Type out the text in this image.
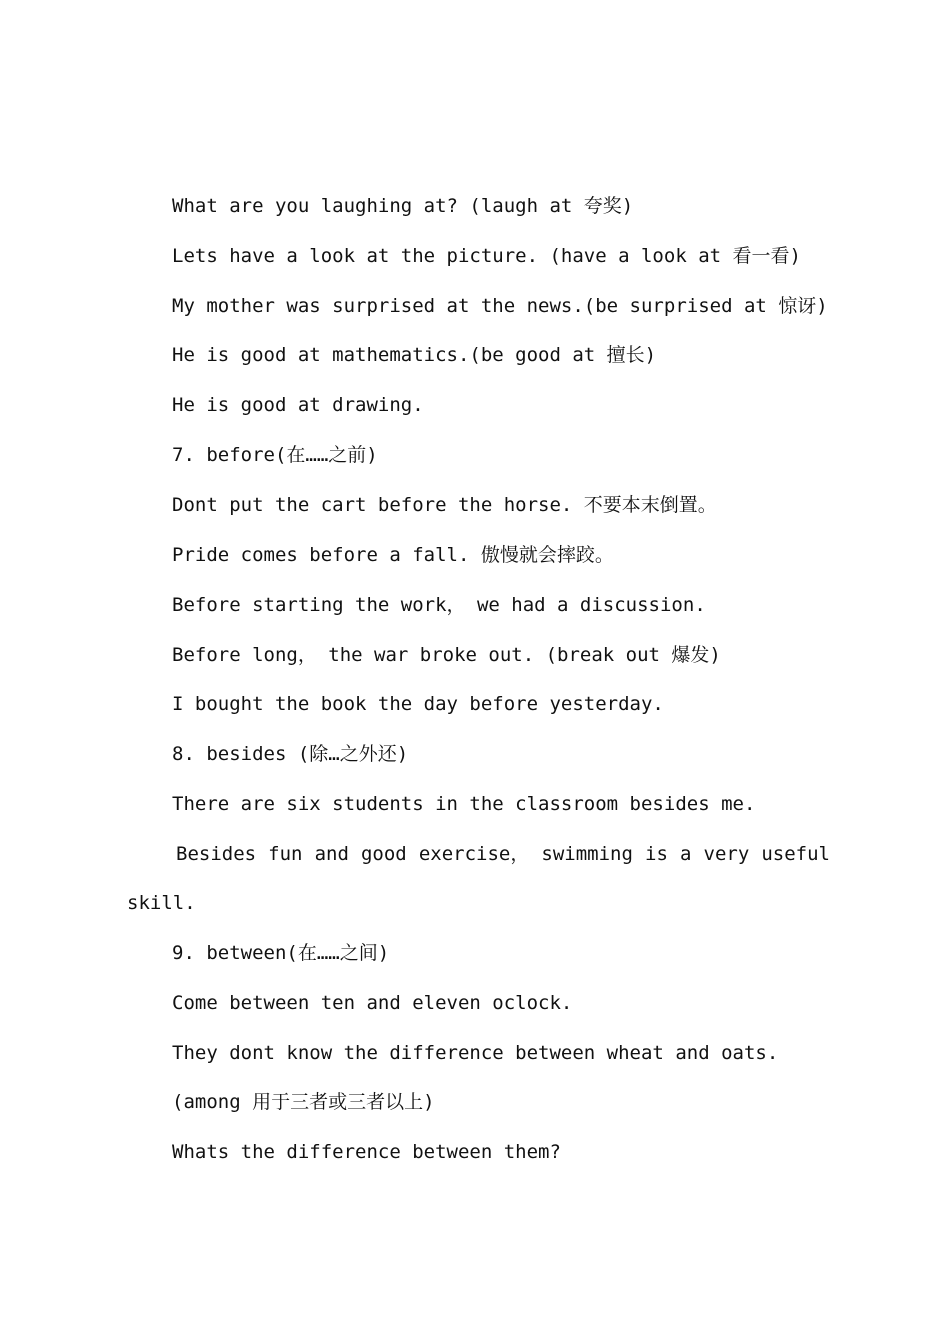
What are you laughing at? (laugh at 夸奖)
Lets have a look at the picture. (have a look at 看一看)
My mother was surprised at the news.(be surprised at 惊讶)
He is good at mathematics.(be good at 擅长)
He is good at drawing.
7. before(在……之前)
Dont put the cart before the horse. 不要本末倒置。
Pride comes before a fall. 傲慢就会摔跤。
Before starting the work， we had a discussion.
Before long， the war broke out. (break out 爆发)
I bought the book the day before yesterday.
8. besides (除…之外还)
There are six students in the classroom besides me.
Besides fun and good exercise， swimming is a very useful
skill.
9. between(在……之间)
Come between ten and eleven oclock.
They dont know the difference between wheat and oats.
(among 用于三者或三者以上)
Whats the difference between them?
